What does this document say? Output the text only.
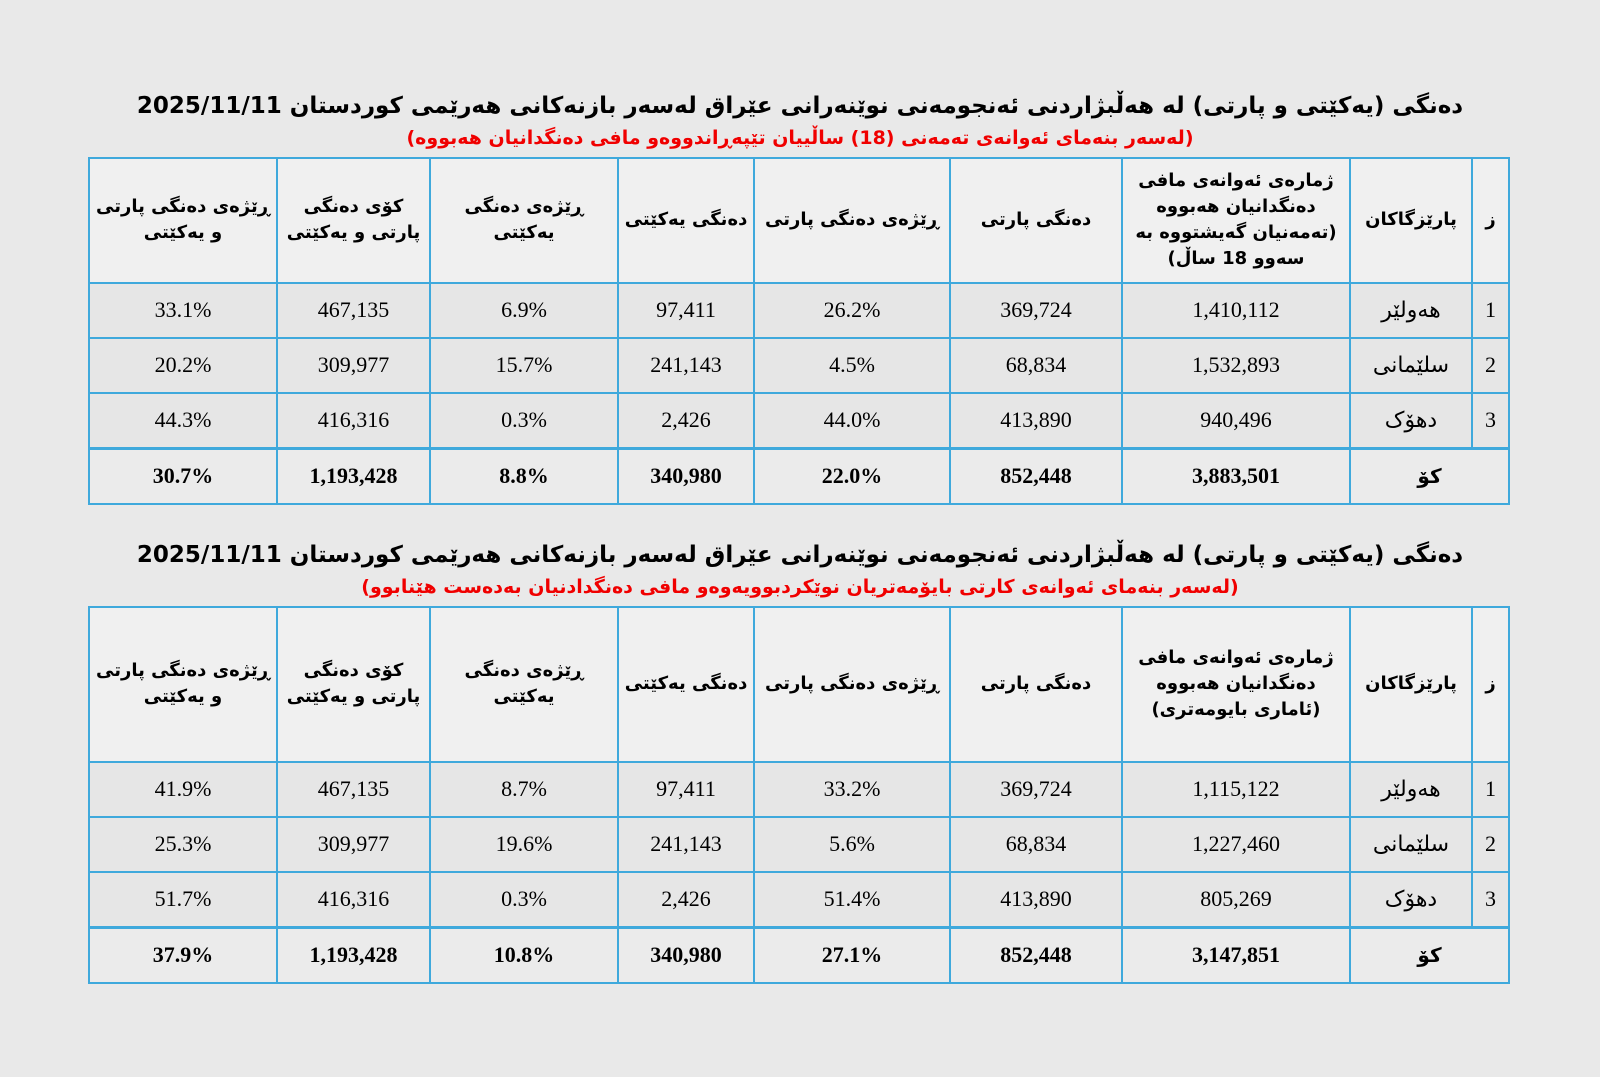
دەنگی (یەکێتی و پارتی) لە هەڵبژاردنی ئەنجومەنی نوێنەرانی عێراق لەسەر بازنەکانی هەرێمی کوردستان 2025/11/11

(لەسەر بنەمای ئەوانەی تەمەنی (18) ساڵییان تێپەڕاندووەو مافی دەنگدانیان هەبووە)

ز	پارێزگاکان	ژمارەی ئەوانەی مافی دەنگدانیان هەبووە (تەمەنیان گەیشتووە بە سەوو 18 ساڵ)	دەنگی پارتی	ڕێژەی دەنگی پارتی	دەنگی یەکێتی	ڕێژەی دەنگی یەکێتی	کۆی دەنگی پارتی و یەکێتی	ڕێژەی دەنگی پارتی و یەکێتی
1	هەولێر	1,410,112	369,724	26.2%	97,411	6.9%	467,135	33.1%
2	سلێمانی	1,532,893	68,834	4.5%	241,143	15.7%	309,977	20.2%
3	دهۆک	940,496	413,890	44.0%	2,426	0.3%	416,316	44.3%
کۆ		3,883,501	852,448	22.0%	340,980	8.8%	1,193,428	30.7%

دەنگی (یەکێتی و پارتی) لە هەڵبژاردنی ئەنجومەنی نوێنەرانی عێراق لەسەر بازنەکانی هەرێمی کوردستان 2025/11/11

(لەسەر بنەمای ئەوانەی کارتی بایۆمەتریان نوێکردبوویەوەو مافی دەنگدادنیان بەدەست هێنابوو)

ز	پارێزگاکان	ژمارەی ئەوانەی مافی دەنگدانیان هەبووە (ئاماری بایومەتری)	دەنگی پارتی	ڕێژەی دەنگی پارتی	دەنگی یەکێتی	ڕێژەی دەنگی یەکێتی	کۆی دەنگی پارتی و یەکێتی	ڕێژەی دەنگی پارتی و یەکێتی
1	هەولێر	1,115,122	369,724	33.2%	97,411	8.7%	467,135	41.9%
2	سلێمانی	1,227,460	68,834	5.6%	241,143	19.6%	309,977	25.3%
3	دهۆک	805,269	413,890	51.4%	2,426	0.3%	416,316	51.7%
کۆ		3,147,851	852,448	27.1%	340,980	10.8%	1,193,428	37.9%
